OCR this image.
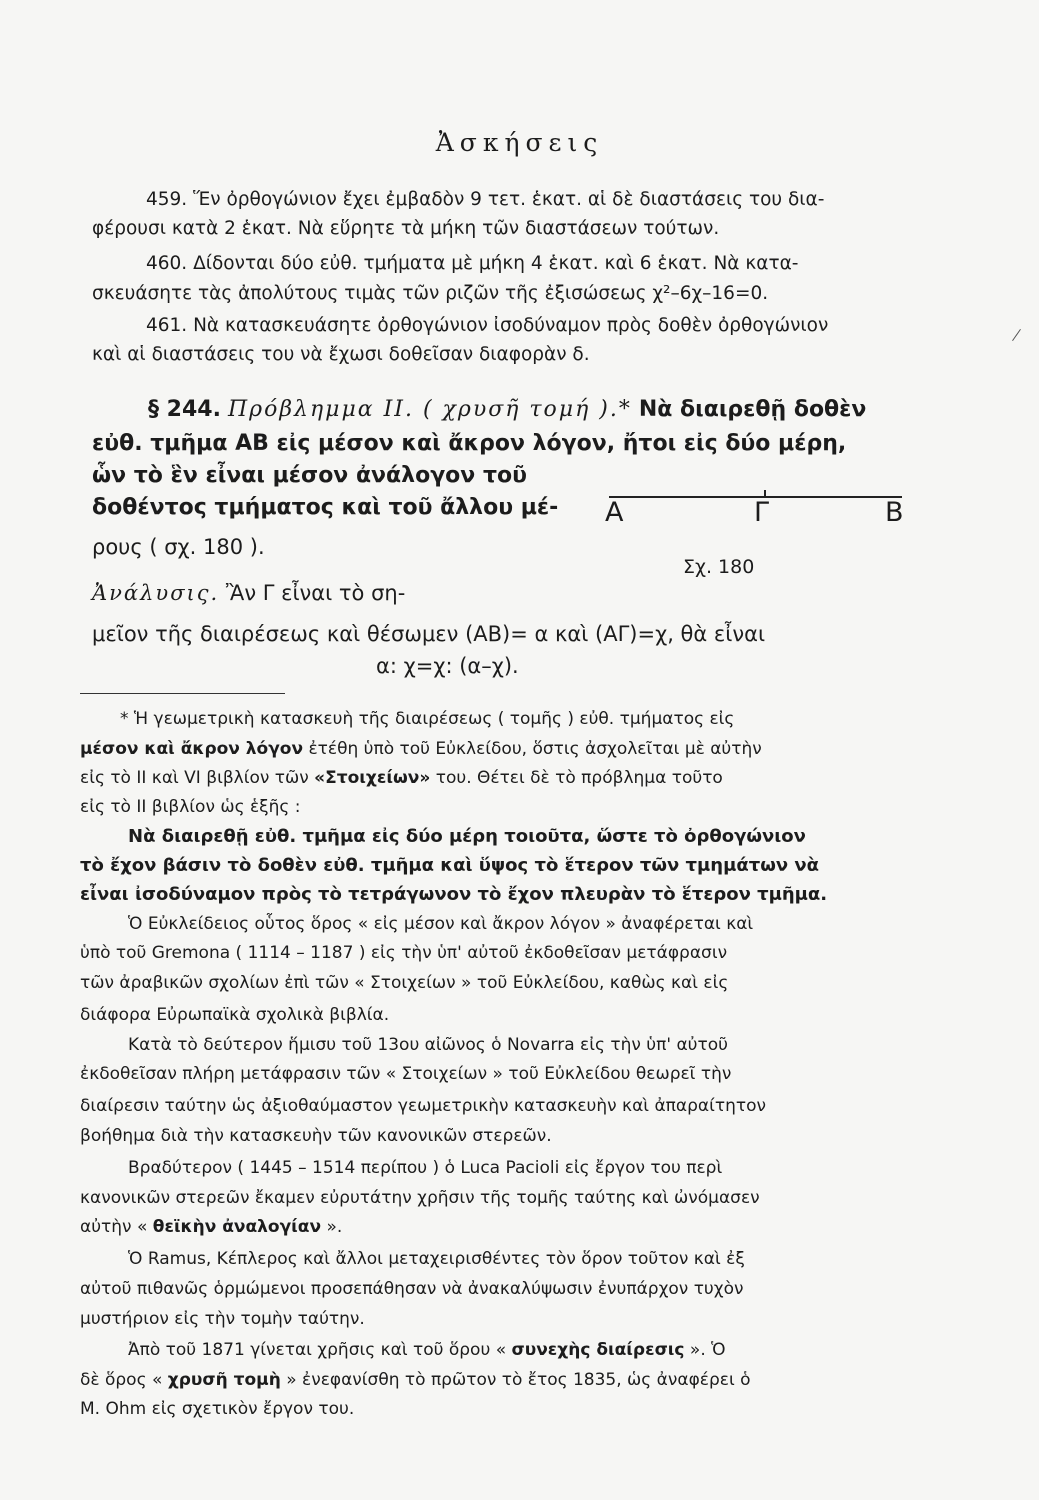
Ἀσκήσεις
459. Ἕν ὀρθογώνιον ἔχει ἐμβαδὸν 9 τετ. ἑκατ. αἱ δὲ διαστάσεις του δια-
φέρουσι κατὰ 2 ἑκατ. Νὰ εὕρητε τὰ μήκη τῶν διαστάσεων τούτων.
460. Δίδονται δύο εὐθ. τμήματα μὲ μήκη 4 ἑκατ. καὶ 6 ἑκατ. Νὰ κατα-
σκευάσητε τὰς ἀπολύτους τιμὰς τῶν ριζῶν τῆς ἐξισώσεως χ²–6χ–16=0.
461. Νὰ κατασκευάσητε ὀρθογώνιον ἰσοδύναμον πρὸς δοθὲν ὀρθογώνιον
καὶ αἱ διαστάσεις του νὰ ἔχωσι δοθεῖσαν διαφορὰν δ.
§ 244. Πρόβλημμα ΙΙ. ( χρυσῆ τομή ).* Νὰ διαιρεθῇ δοθὲν
εὐθ. τμῆμα ΑΒ εἰς μέσον καὶ ἄκρον λόγον, ἤτοι εἰς δύο μέρη,
ὧν τὸ ἓν εἶναι μέσον ἀνάλογον τοῦ
δοθέντος τμήματος καὶ τοῦ ἄλλου μέ-
ρους ( σχ. 180 ).
Α	Γ	Β
Σχ. 180
Ἀνάλυσις. Ἂν Γ εἶναι τὸ ση-
μεῖον τῆς διαιρέσεως καὶ θέσωμεν (ΑΒ)= α καὶ (ΑΓ)=χ, θὰ εἶναι
α: χ=χ: (α–χ).
* Ἡ γεωμετρικὴ κατασκευὴ τῆς διαιρέσεως ( τομῆς ) εὐθ. τμήματος εἰς
μέσον καὶ ἄκρον λόγον ἐτέθη ὑπὸ τοῦ Εὐκλείδου, ὅστις ἀσχολεῖται μὲ αὐτὴν
εἰς τὸ ΙΙ καὶ VI βιβλίον τῶν «Στοιχείων» του. Θέτει δὲ τὸ πρόβλημα τοῦτο
εἰς τὸ ΙΙ βιβλίον ὡς ἑξῆς :
Νὰ διαιρεθῇ εὐθ. τμῆμα εἰς δύο μέρη τοιοῦτα, ὥστε τὸ ὀρθογώνιον
τὸ ἔχον βάσιν τὸ δοθὲν εὐθ. τμῆμα καὶ ὕψος τὸ ἕτερον τῶν τμημάτων νὰ
εἶναι ἰσοδύναμον πρὸς τὸ τετράγωνον τὸ ἔχον πλευρὰν τὸ ἕτερον τμῆμα.
Ὁ Εὐκλείδειος οὗτος ὅρος « εἰς μέσον καὶ ἄκρον λόγον » ἀναφέρεται καὶ
ὑπὸ τοῦ Gremona ( 1114 – 1187 ) εἰς τὴν ὑπ' αὐτοῦ ἐκδοθεῖσαν μετάφρασιν
τῶν ἀραβικῶν σχολίων ἐπὶ τῶν « Στοιχείων » τοῦ Εὐκλείδου, καθὼς καὶ εἰς
διάφορα Εὐρωπαϊκὰ σχολικὰ βιβλία.
Κατὰ τὸ δεύτερον ἥμισυ τοῦ 13ου αἰῶνος ὁ Novarra εἰς τὴν ὑπ' αὐτοῦ
ἐκδοθεῖσαν πλήρη μετάφρασιν τῶν « Στοιχείων » τοῦ Εὐκλείδου θεωρεῖ τὴν
διαίρεσιν ταύτην ὡς ἀξιοθαύμαστον γεωμετρικὴν κατασκευὴν καὶ ἀπαραίτητον
βοήθημα διὰ τὴν κατασκευὴν τῶν κανονικῶν στερεῶν.
Βραδύτερον ( 1445 – 1514 περίπου ) ὁ Luca Pacioli εἰς ἔργον του περὶ
κανονικῶν στερεῶν ἔκαμεν εὐρυτάτην χρῆσιν τῆς τομῆς ταύτης καὶ ὠνόμασεν
αὐτὴν « θεϊκὴν ἀναλογίαν ».
Ὁ Ramus, Κέπλερος καὶ ἄλλοι μεταχειρισθέντες τὸν ὅρον τοῦτον καὶ ἐξ
αὐτοῦ πιθανῶς ὁρμώμενοι προσεπάθησαν νὰ ἀνακαλύψωσιν ἐνυπάρχον τυχὸν
μυστήριον εἰς τὴν τομὴν ταύτην.
Ἀπὸ τοῦ 1871 γίνεται χρῆσις καὶ τοῦ ὅρου « συνεχὴς διαίρεσις ». Ὁ
δὲ ὅρος « χρυσῆ τομὴ » ἐνεφανίσθη τὸ πρῶτον τὸ ἔτος 1835, ὡς ἀναφέρει ὁ
M. Ohm εἰς σχετικὸν ἔργον του.
